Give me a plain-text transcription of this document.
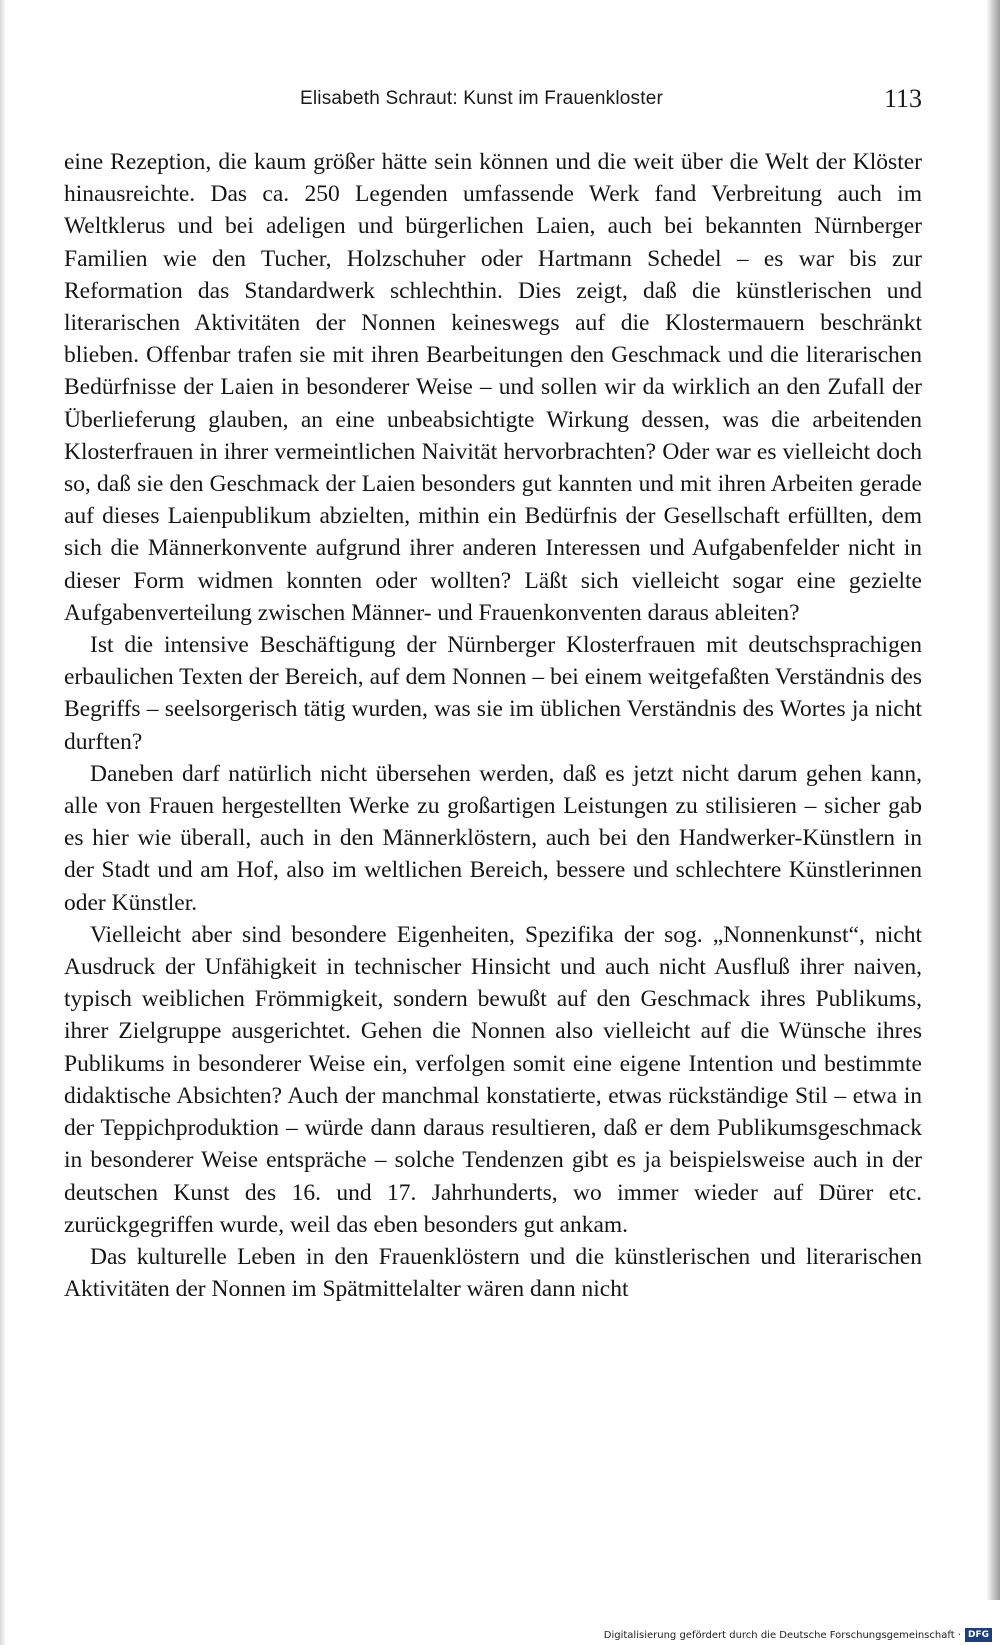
Elisabeth Schraut: Kunst im Frauenkloster	113

eine Rezeption, die kaum größer hätte sein können und die weit über die Welt der Klöster hinausreichte. Das ca. 250 Legenden umfassende Werk fand Verbreitung auch im Weltklerus und bei adeligen und bürgerlichen Laien, auch bei bekannten Nürnberger Familien wie den Tucher, Holzschuher oder Hartmann Schedel – es war bis zur Reformation das Standardwerk schlechthin. Dies zeigt, daß die künstlerischen und literarischen Aktivitäten der Nonnen keineswegs auf die Klostermauern beschränkt blieben. Offenbar trafen sie mit ihren Bearbeitungen den Geschmack und die literarischen Bedürfnisse der Laien in besonderer Weise – und sollen wir da wirklich an den Zufall der Überlieferung glauben, an eine unbeabsichtigte Wirkung dessen, was die arbeitenden Klosterfrauen in ihrer vermeintlichen Naivität hervorbrachten? Oder war es vielleicht doch so, daß sie den Geschmack der Laien besonders gut kannten und mit ihren Arbeiten gerade auf dieses Laienpublikum abzielten, mithin ein Bedürfnis der Gesellschaft erfüllten, dem sich die Männerkonvente aufgrund ihrer anderen Interessen und Aufgabenfelder nicht in dieser Form widmen konnten oder wollten? Läßt sich vielleicht sogar eine gezielte Aufgabenverteilung zwischen Männer- und Frauenkonventen daraus ableiten?

Ist die intensive Beschäftigung der Nürnberger Klosterfrauen mit deutschsprachigen erbaulichen Texten der Bereich, auf dem Nonnen – bei einem weitgefaßten Verständnis des Begriffs – seelsorgerisch tätig wurden, was sie im üblichen Verständnis des Wortes ja nicht durften?

Daneben darf natürlich nicht übersehen werden, daß es jetzt nicht darum gehen kann, alle von Frauen hergestellten Werke zu großartigen Leistungen zu stilisieren – sicher gab es hier wie überall, auch in den Männerklöstern, auch bei den Handwerker-Künstlern in der Stadt und am Hof, also im weltlichen Bereich, bessere und schlechtere Künstlerinnen oder Künstler.

Vielleicht aber sind besondere Eigenheiten, Spezifika der sog. „Nonnenkunst“, nicht Ausdruck der Unfähigkeit in technischer Hinsicht und auch nicht Ausfluß ihrer naiven, typisch weiblichen Frömmigkeit, sondern bewußt auf den Geschmack ihres Publikums, ihrer Zielgruppe ausgerichtet. Gehen die Nonnen also vielleicht auf die Wünsche ihres Publikums in besonderer Weise ein, verfolgen somit eine eigene Intention und bestimmte didaktische Absichten? Auch der manchmal konstatierte, etwas rückständige Stil – etwa in der Teppichproduktion – würde dann daraus resultieren, daß er dem Publikumsgeschmack in besonderer Weise entspräche – solche Tendenzen gibt es ja beispielsweise auch in der deutschen Kunst des 16. und 17. Jahrhunderts, wo immer wieder auf Dürer etc. zurückgegriffen wurde, weil das eben besonders gut ankam.

Das kulturelle Leben in den Frauenklöstern und die künstlerischen und literarischen Aktivitäten der Nonnen im Spätmittelalter wären dann nicht

Digitalisierung gefördert durch die Deutsche Forschungsgemeinschaft · DFG
